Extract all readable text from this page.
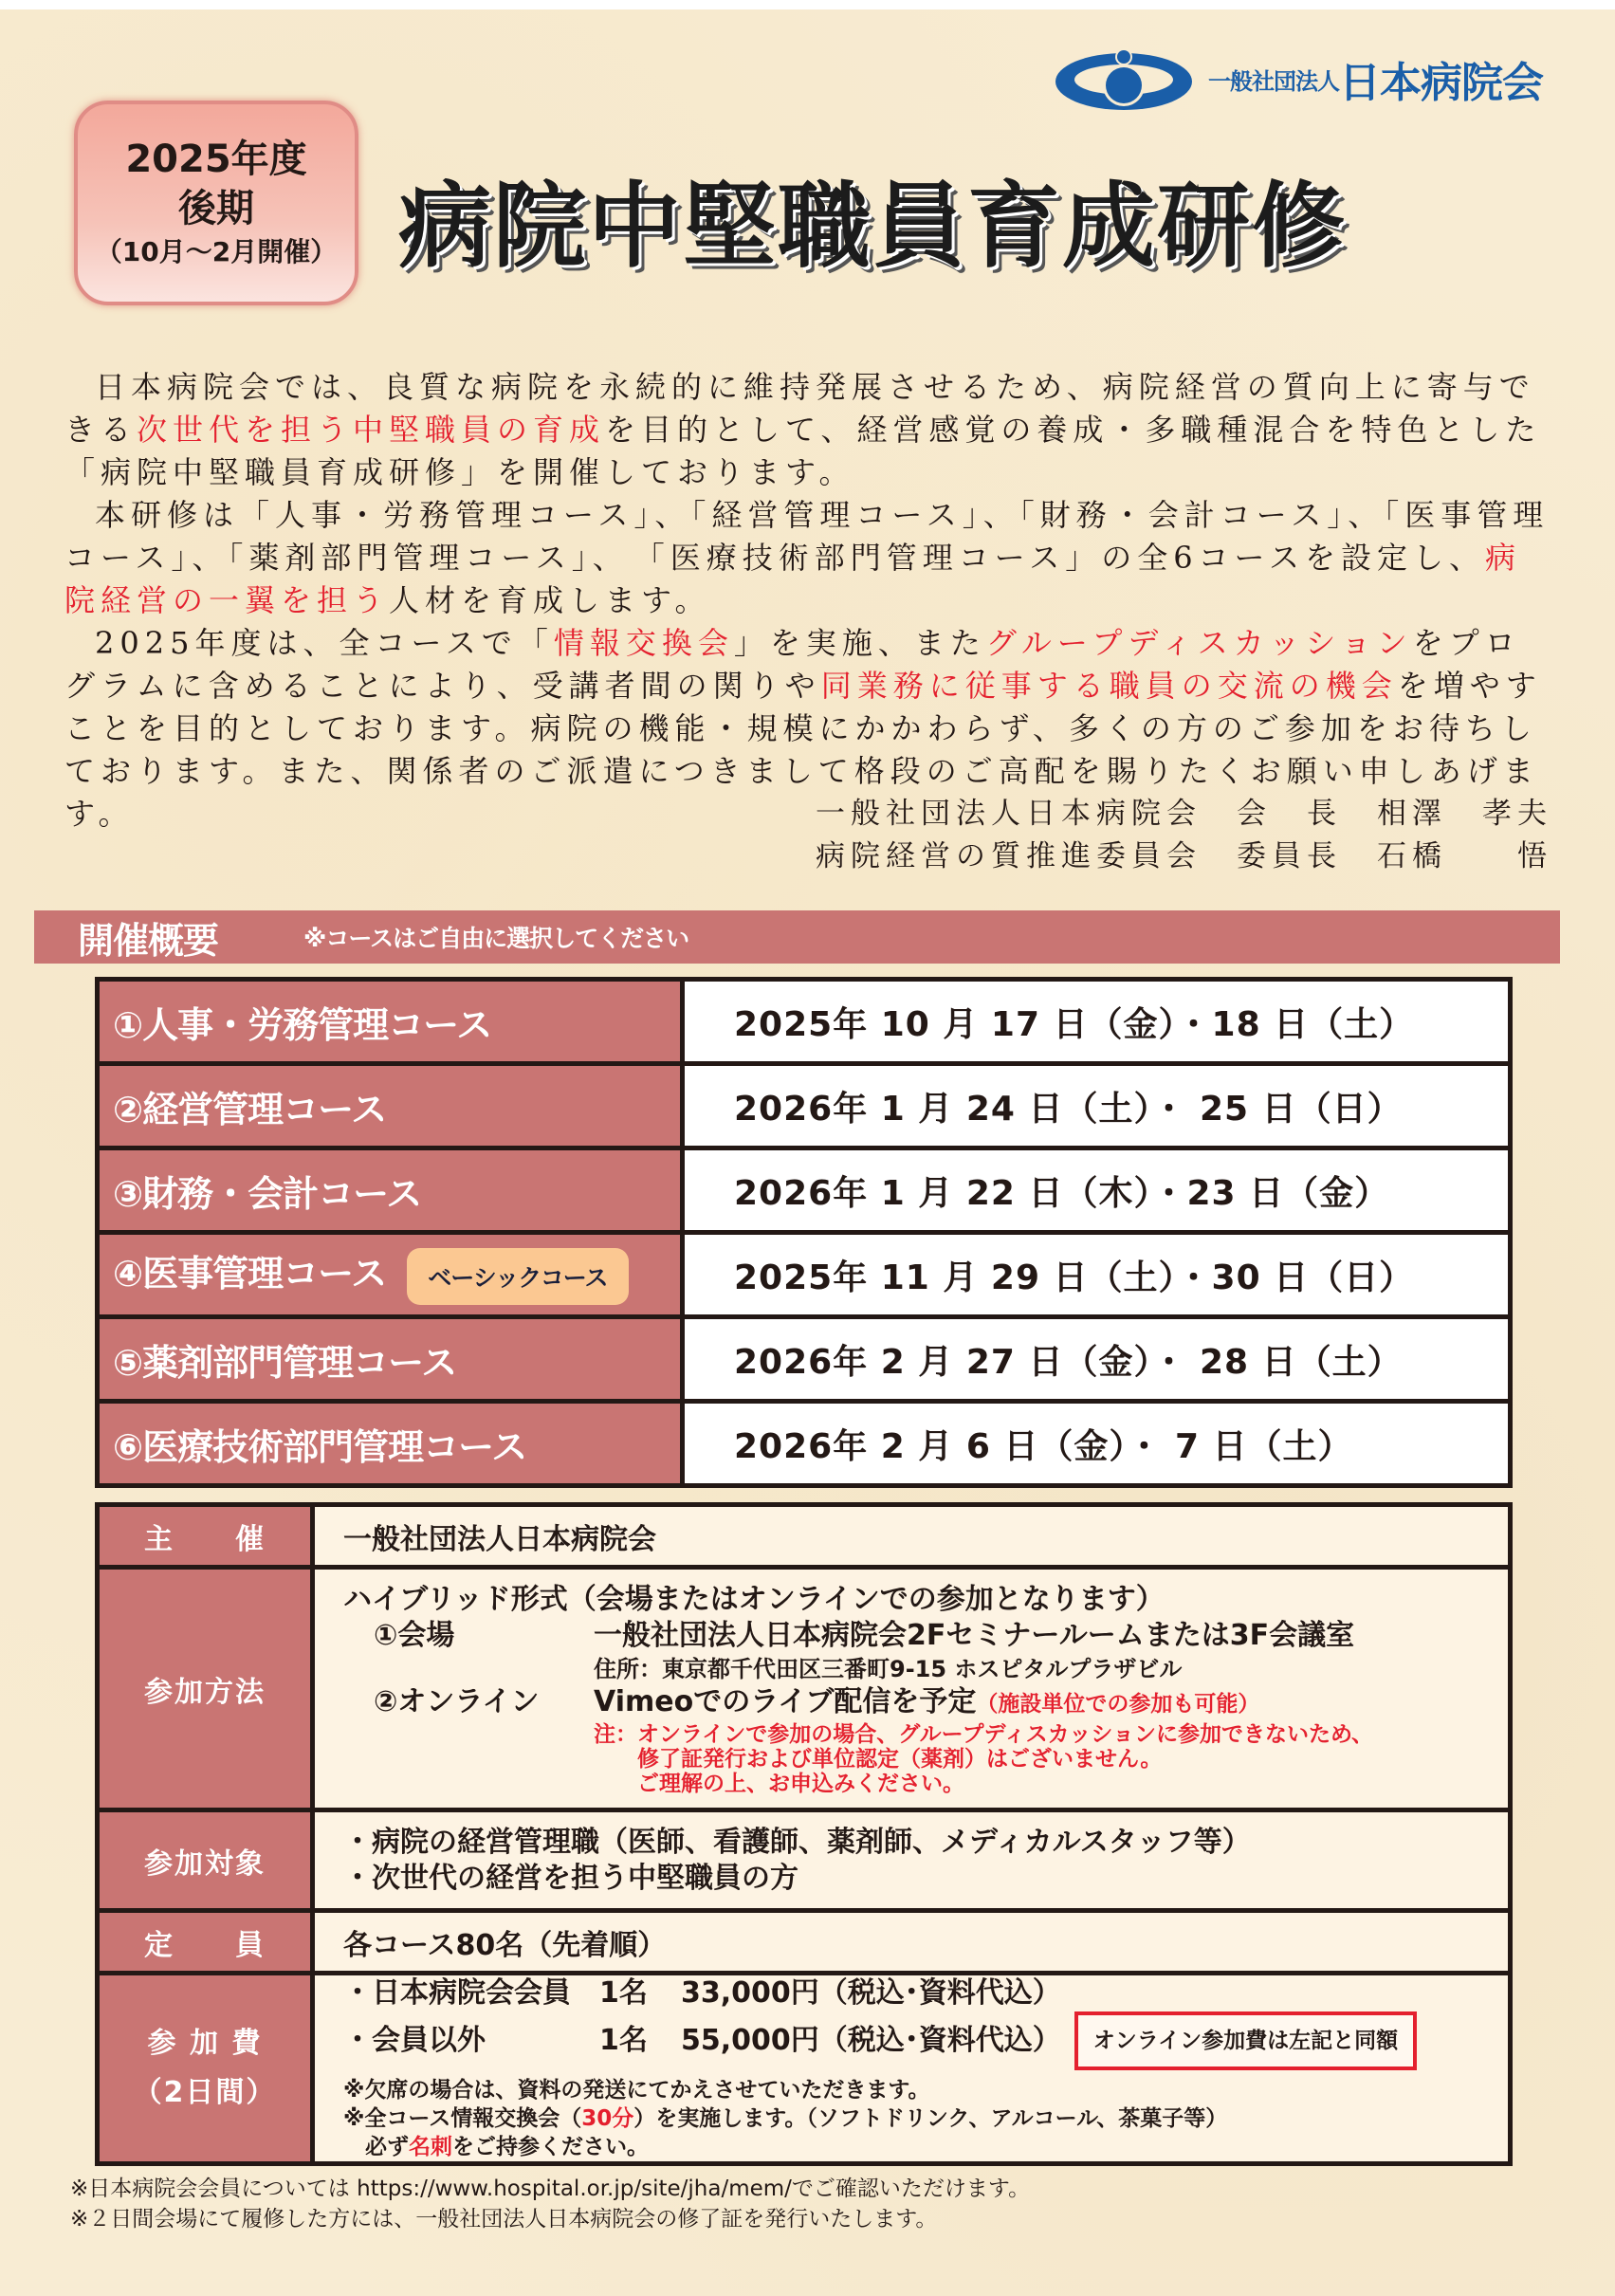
一般社団法人 日本病院会
2025年度
後期
（10月～2月開催） 病院中堅職員育成研修

日本病院会では、良質な病院を永続的に維持発展させるため、病院経営の質向上に寄与できる次世代を担う中堅職員の育成を目的として、経営感覚の養成・多職種混合を特色とした「病院中堅職員育成研修」を開催しております。

本研修は「人事・労務管理コース」、「経営管理コース」、「財務・会計コース」、「医事管理コース」、「薬剤部門管理コース」、　「医療技術部門管理コース」の全6コースを設定し、病院経営の一翼を担う人材を育成します。

2025年度は、全コースで「情報交換会」を実施、またグループディスカッションをプログラムに含めることにより、受講者間の関りや同業務に従事する職員の交流の機会を増やすことを目的としております。病院の機能・規模にかかわらず、多くの方のご参加をお待ちしております。また、関係者のご派遣につきまして格段のご高配を賜りたくお願い申しあげます。	一般社団法人日本病院会　会　長　相澤　孝夫
病院経営の質推進委員会　委員長　石橋　　悟
開催概要	※コースはご自由に選択してください
①人事・労務管理コース	2025年 10 月 17 日（金）・18 日（土）
②経営管理コース	2026年 1 月 24 日（土）・ 25 日（日）
③財務・会計コース	2026年 1 月 22 日（木）・23 日（金）
④医事管理コース ベーシックコース	2025年 11 月 29 日（土）・30 日（日）
⑤薬剤部門管理コース	2026年 2 月 27 日（金）・ 28 日（土）
⑥医療技術部門管理コース	2026年 2 月 6 日（金）・ 7 日（土）
主　　催	一般社団法人日本病院会
参加方法	
ハイブリッド形式（会場またはオンラインでの参加となります）
①会場	一般社団法人日本病院会2Fセミナールームまたは3F会議室
住所：東京都千代田区三番町9-15 ホスピタルプラザビル
②オンライン	Vimeoでのライブ配信を予定（施設単位での参加も可能）
注：オンラインで参加の場合、グループディスカッションに参加できないため、
　　修了証発行および単位認定（薬剤）はございません。
　　ご理解の上、お申込みください。

参加対象	・病院の経営管理職（医師、看護師、薬剤師、メディカルスタッフ等）
・次世代の経営を担う中堅職員の方

定　　員	各コース80名（先着順）

参 加 費
（2日間）

・日本病院会会員	1名	33,000円（税込･資料代込）
・会員以外	1名	55,000円（税込･資料代込）	オンライン参加費は左記と同額
※欠席の場合は、資料の発送にてかえさせていただきます。
※全コース情報交換会（30分）を実施します。（ソフトドリンク、アルコール、茶菓子等）
　必ず名刺をご持参ください。
※日本病院会会員については https://www.hospital.or.jp/site/jha/mem/でご確認いただけます。
※２日間会場にて履修した方には、一般社団法人日本病院会の修了証を発行いたします。
